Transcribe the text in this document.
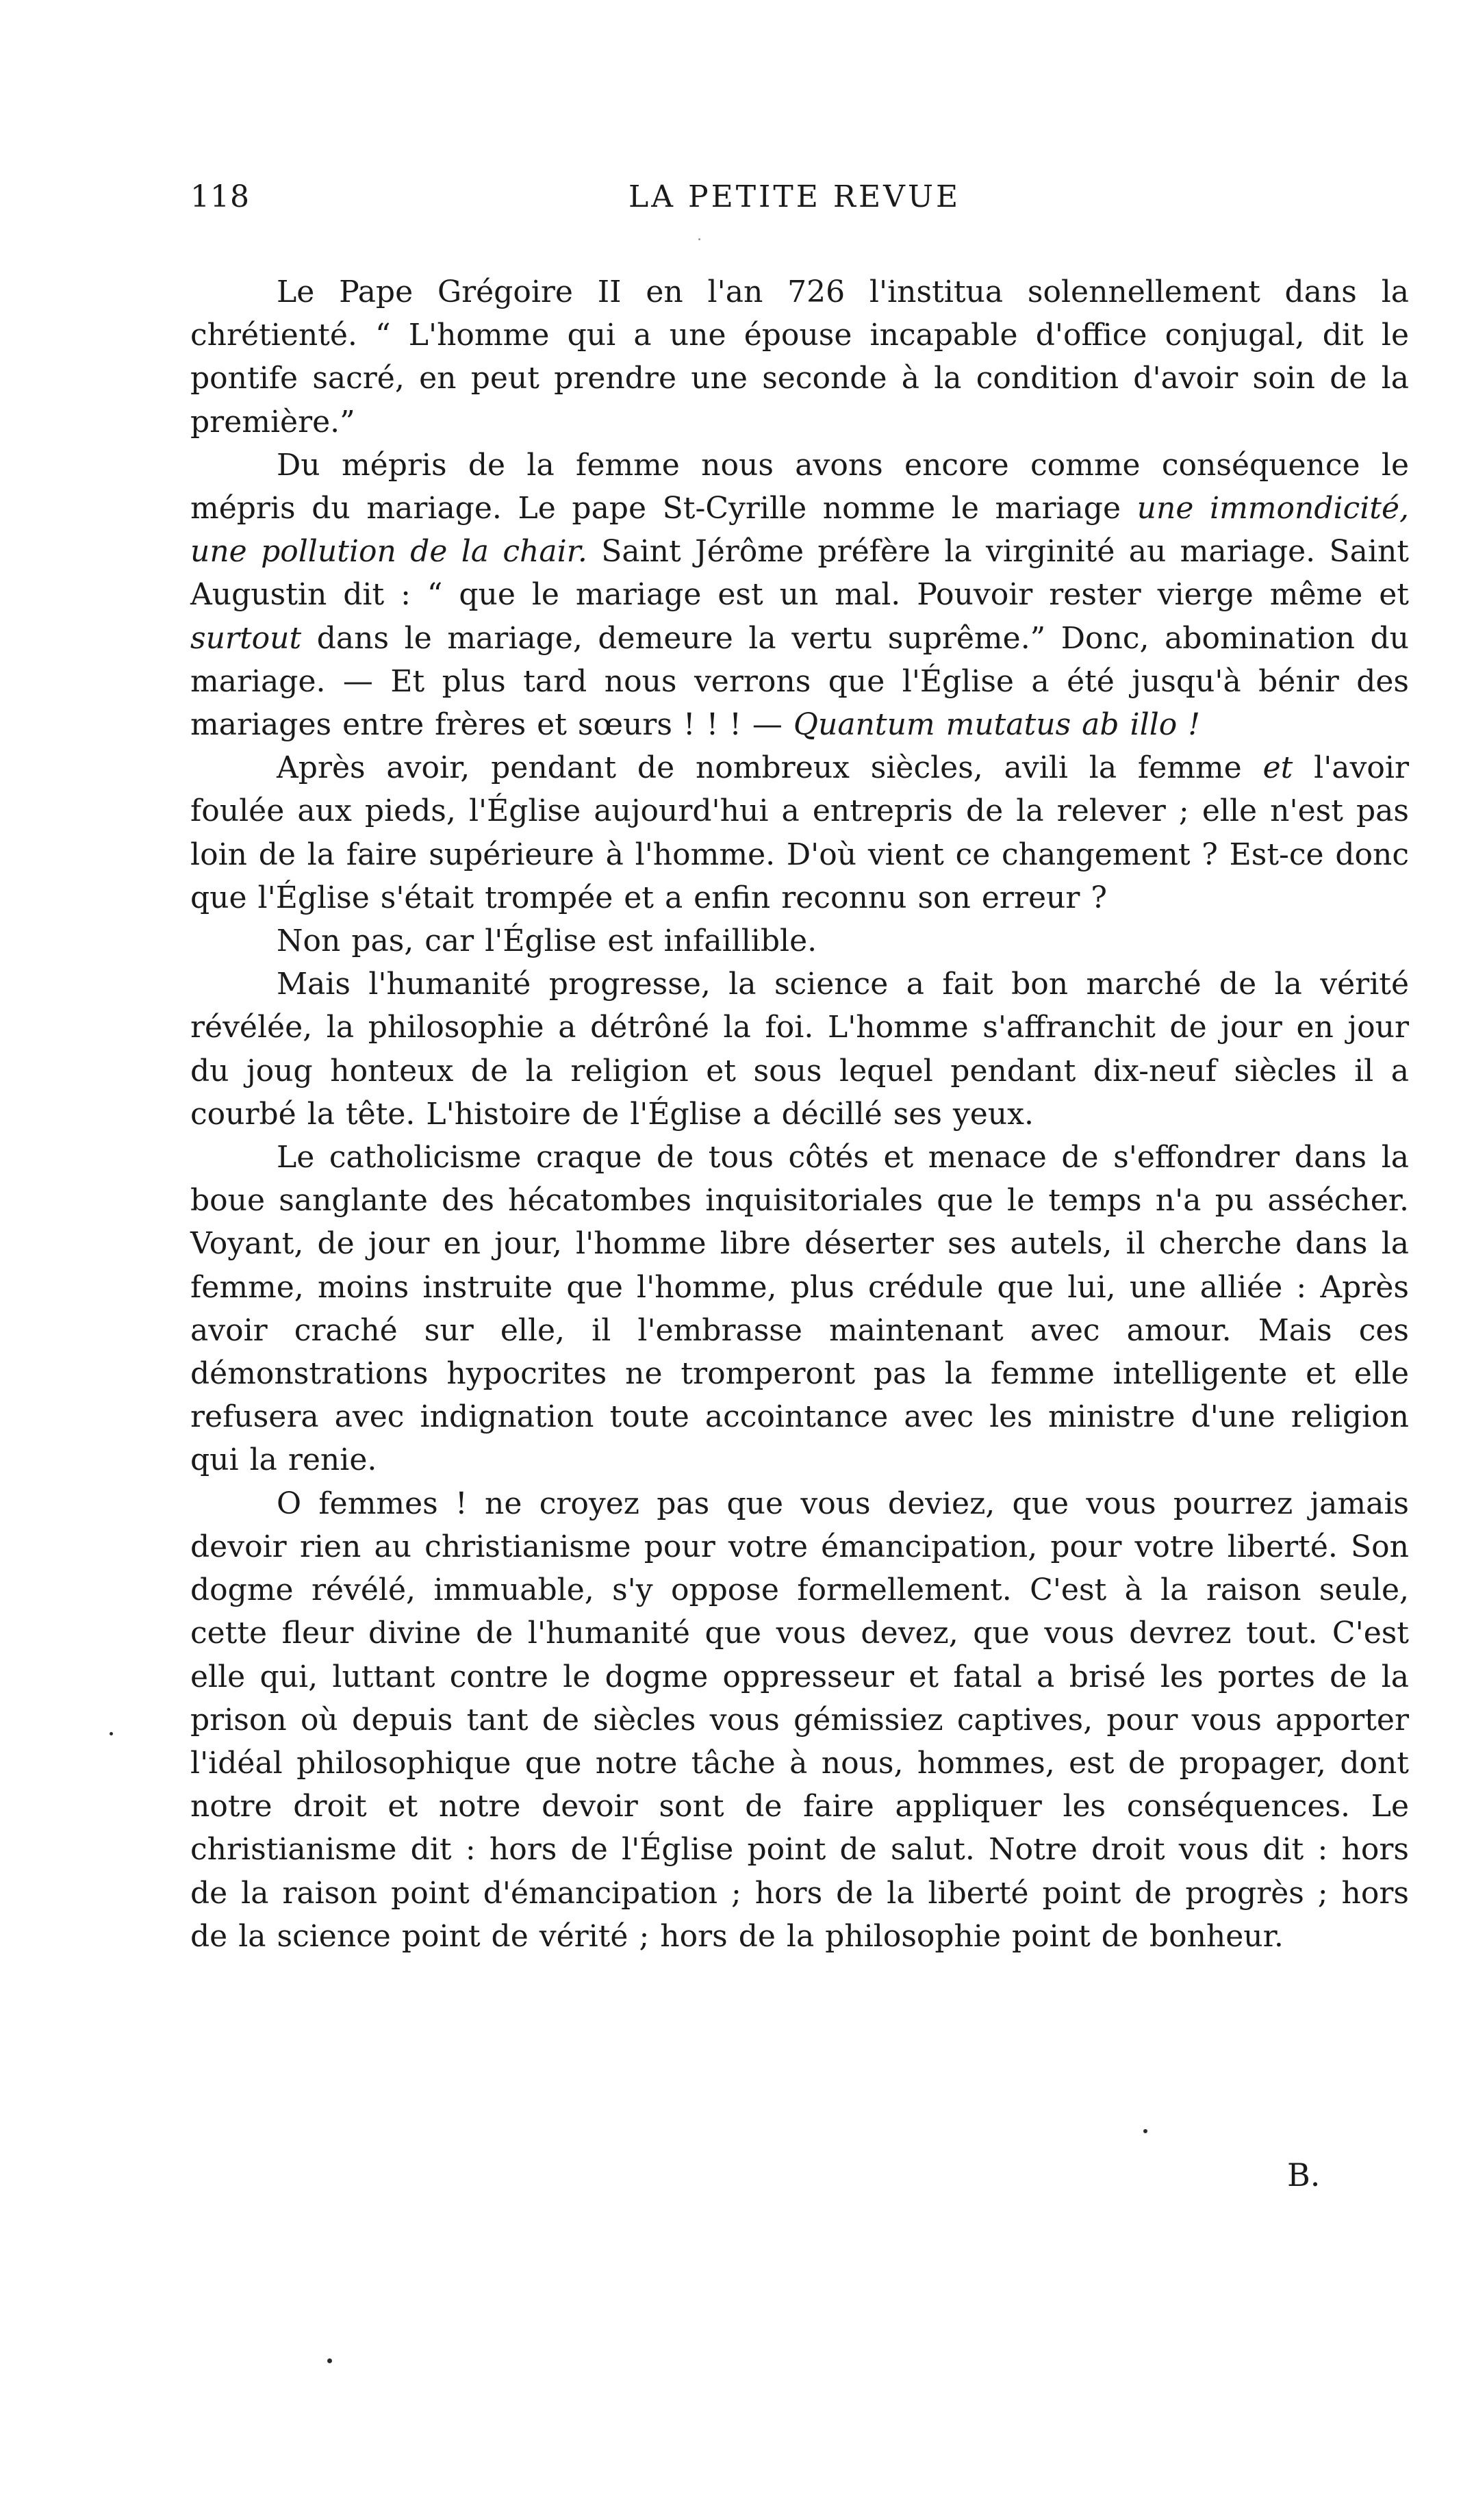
118	LA PETITE REVUE

Le Pape Grégoire II en l'an 726 l'institua solennellement dans la chrétienté. “ L'homme qui a une épouse incapable d'office conjugal, dit le pontife sacré, en peut prendre une seconde à la condition d'avoir soin de la première.”

Du mépris de la femme nous avons encore comme conséquence le mépris du mariage. Le pape St-Cyrille nomme le mariage une immondicité, une pollution de la chair. Saint Jérôme préfère la virginité au mariage. Saint Augustin dit : “ que le mariage est un mal. Pouvoir rester vierge même et surtout dans le mariage, demeure la vertu suprême.” Donc, abomination du mariage. — Et plus tard nous verrons que l'Église a été jusqu'à bénir des mariages entre frères et sœurs ! ! ! — Quantum mutatus ab illo !

Après avoir, pendant de nombreux siècles, avili la femme et l'avoir foulée aux pieds, l'Église aujourd'hui a entrepris de la relever ; elle n'est pas loin de la faire supérieure à l'homme. D'où vient ce changement ? Est-ce donc que l'Église s'était trompée et a enfin reconnu son erreur ?

Non pas, car l'Église est infaillible.

Mais l'humanité progresse, la science a fait bon marché de la vérité révélée, la philosophie a détrôné la foi. L'homme s'affranchit de jour en jour du joug honteux de la religion et sous lequel pendant dix-neuf siècles il a courbé la tête. L'histoire de l'Église a décillé ses yeux.

Le catholicisme craque de tous côtés et menace de s'effondrer dans la boue sanglante des hécatombes inquisitoriales que le temps n'a pu assécher. Voyant, de jour en jour, l'homme libre déserter ses autels, il cherche dans la femme, moins instruite que l'homme, plus crédule que lui, une alliée : Après avoir craché sur elle, il l'embrasse maintenant avec amour. Mais ces démonstrations hypocrites ne tromperont pas la femme intelligente et elle refusera avec indignation toute accointance avec les ministre d'une religion qui la renie.

O femmes ! ne croyez pas que vous deviez, que vous pourrez jamais devoir rien au christianisme pour votre émancipation, pour votre liberté. Son dogme révélé, immuable, s'y oppose formellement. C'est à la raison seule, cette fleur divine de l'humanité que vous devez, que vous devrez tout. C'est elle qui, luttant contre le dogme oppresseur et fatal a brisé les portes de la prison où depuis tant de siècles vous gémissiez captives, pour vous apporter l'idéal philosophique que notre tâche à nous, hommes, est de propager, dont notre droit et notre devoir sont de faire appliquer les conséquences. Le christianisme dit : hors de l'Église point de salut. Notre droit vous dit : hors de la raison point d'émancipation ; hors de la liberté point de progrès ; hors de la science point de vérité ; hors de la philosophie point de bonheur.

B.
